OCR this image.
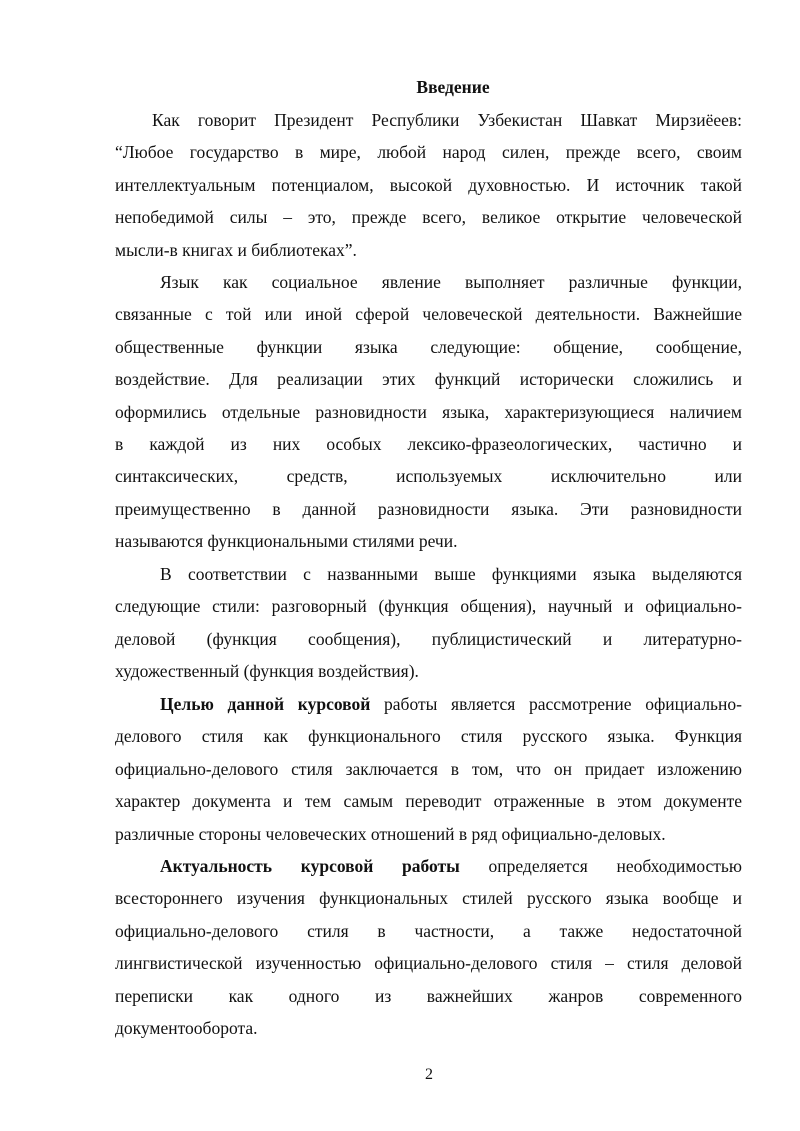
Введение
Как говорит Президент Республики Узбекистан Шавкат Мирзиёеев:
“Любое государство в мире, любой народ силен, прежде всего, своим
интеллектуальным потенциалом, высокой духовностью. И источник такой
непобедимой силы – это, прежде всего, великое открытие человеческой
мысли-в книгах и библиотеках”.
Язык как социальное явление выполняет различные функции,
связанные с той или иной сферой человеческой деятельности. Важнейшие
общественные функции языка следующие: общение, сообщение,
воздействие. Для реализации этих функций исторически сложились и
оформились отдельные разновидности языка, характеризующиеся наличием
в каждой из них особых лексико-фразеологических, частично и
синтаксических, средств, используемых исключительно или
преимущественно в данной разновидности языка. Эти разновидности
называются функциональными стилями речи.
В соответствии с названными выше функциями языка выделяются
следующие стили: разговорный (функция общения), научный и официально-
деловой (функция сообщения), публицистический и литературно-
художественный (функция воздействия).
Целью данной курсовой работы является рассмотрение официально-
делового стиля как функционального стиля русского языка. Функция
официально-делового стиля заключается в том, что он придает изложению
характер документа и тем самым переводит отраженные в этом документе
различные стороны человеческих отношений в ряд официально-деловых.
Актуальность курсовой работы определяется необходимостью
всестороннего изучения функциональных стилей русского языка вообще и
официально-делового стиля в частности, а также недостаточной
лингвистической изученностью официально-делового стиля – стиля деловой
переписки как одного из важнейших жанров современного
документооборота.
2
